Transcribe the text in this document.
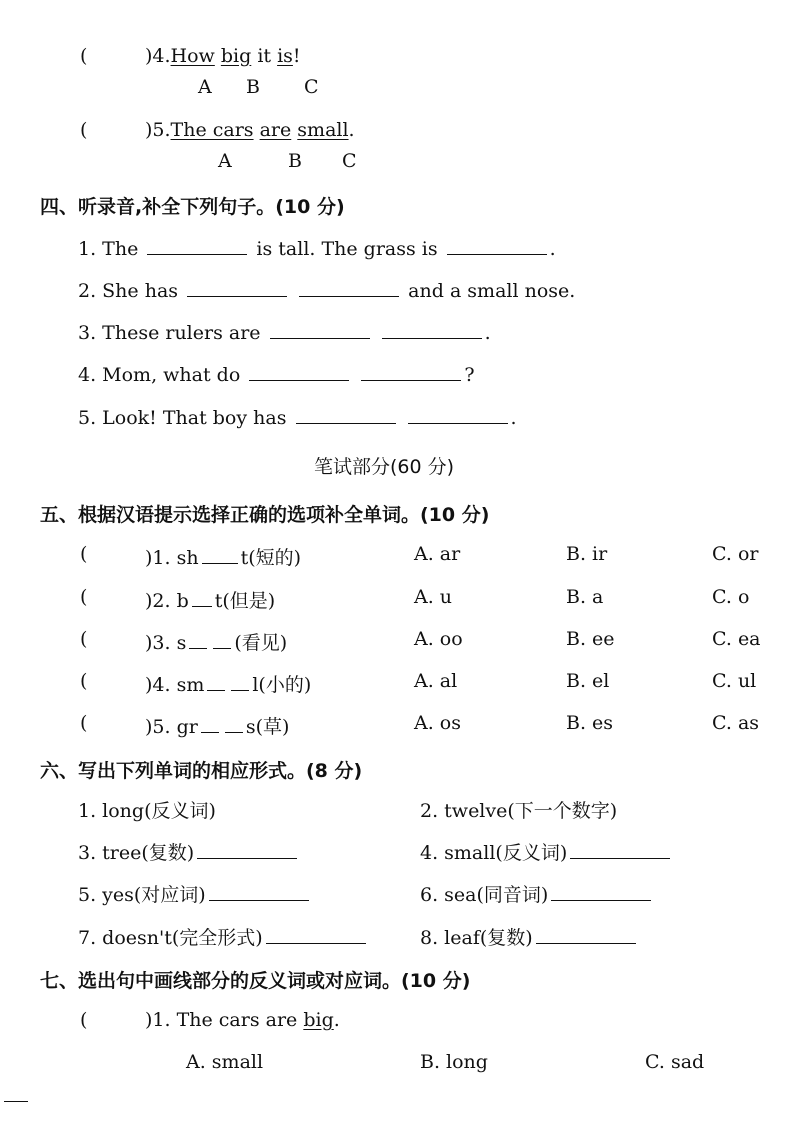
(	)4.How big it is!
A B C
(	)5.The cars are small.
A	B C
四、听录音,补全下列句子。(10 分)
1. The	is tall. The grass is	.
2. She has	and a small nose.
3. These rulers are	.
4. Mom, what do	?
5. Look! That boy has	.
笔试部分(60 分)
五、根据汉语提示选择正确的选项补全单词。(10 分)
(	)1. sh t(短的)	A. ar	B. ir	C. or
(	)2. b t(但是)	A. u	B. a	C. o
(	)3. s	(看见)	A. oo	B. ee	C. ea
(	)4. sm	l(小的)	A. al	B. el	C. ul
(	)5. gr	s(草)	A. os	B. es	C. as
六、写出下列单词的相应形式。(8 分)
1. long(反义词)	2. twelve(下一个数字)
3. tree(复数)	4. small(反义词)
5. yes(对应词)	6. sea(同音词)
7. doesn't(完全形式)	8. leaf(复数)
七、选出句中画线部分的反义词或对应词。(10 分)
(	)1. The cars are big.
A. small	B. long	C. sad
